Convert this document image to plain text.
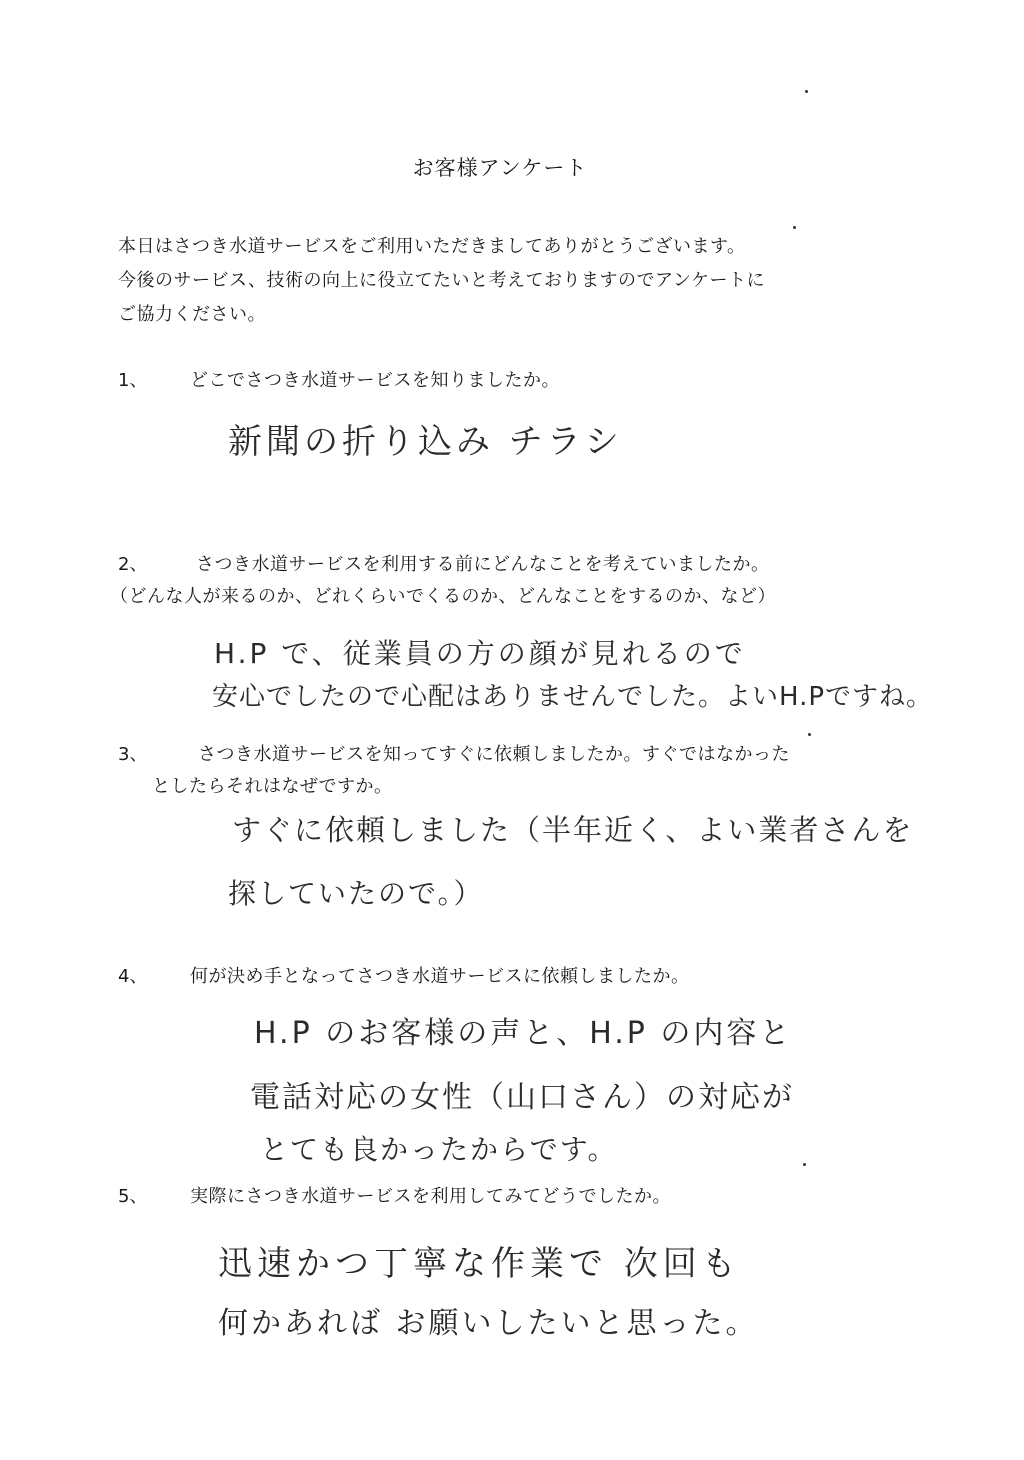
お客様アンケート
本日はさつき水道サービスをご利用いただきましてありがとうございます。
今後のサービス、技術の向上に役立てたいと考えておりますのでアンケートに
ご協力ください。
1、 どこでさつき水道サービスを知りましたか。
新聞の折り込み チラシ
2、	さつき水道サービスを利用する前にどんなことを考えていましたか。
（どんな人が来るのか、どれくらいでくるのか、どんなことをするのか、など）
H.P で、従業員の方の顔が見れるので
安心でしたので心配はありませんでした。よいH.Pですね。
3、	さつき水道サービスを知ってすぐに依頼しましたか。すぐではなかった
としたらそれはなぜですか。
すぐに依頼しました（半年近く、よい業者さんを
探していたので。）
4、 何が決め手となってさつき水道サービスに依頼しましたか。
H.P のお客様の声と、H.P の内容と
電話対応の女性（山口さん）の対応が
とても良かったからです。
5、 実際にさつき水道サービスを利用してみてどうでしたか。
迅速かつ丁寧な作業で 次回も
何かあれば お願いしたいと思った。
